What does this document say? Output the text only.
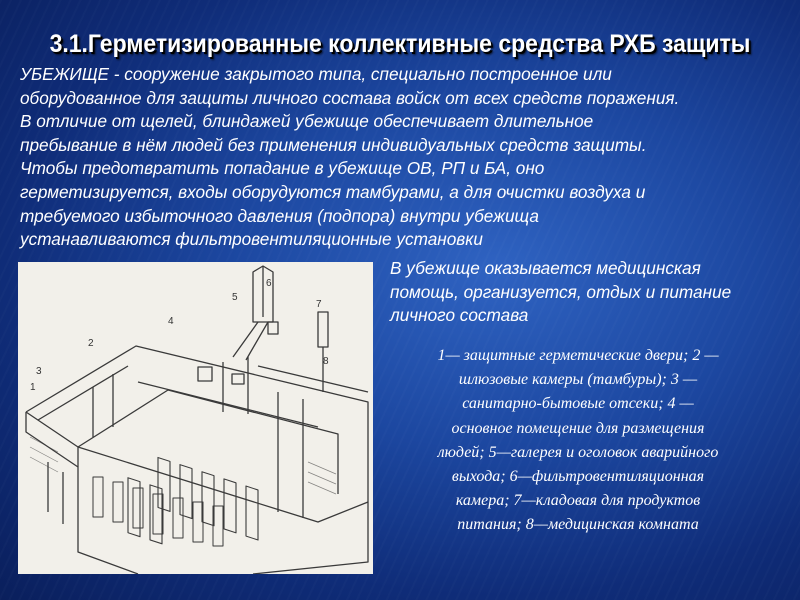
3.1.Герметизированные коллективные средства РХБ защиты

УБЕЖИЩЕ - сооружение закрытого типа, специально построенное или

оборудованное для защиты личного состава войск от всех средств поражения.

В отличие от щелей, блиндажей убежище обеспечивает длительное

пребывание в нём людей без применения индивидуальных средств защиты.

Чтобы предотвратить попадание в убежище ОВ, РП и БА, оно

герметизируется, входы оборудуются тамбурами, а для очистки воздуха и

требуемого избыточного давления (подпора) внутри убежища

устанавливаются фильтровентиляционные установки

4
5
6
7
8
1
2
3
В убежище оказывается медицинская
помощь, организуется, отдых и питание
личного состава
1— защитные герметические двери; 2 —
шлюзовые камеры (тамбуры); 3 —
санитарно-бытовые отсеки; 4 —
основное помещение для размещения
людей; 5—галерея и оголовок аварийного
выхода; 6—фильтровентиляционная
камера; 7—кладовая для продуктов
питания; 8—медицинская комната
